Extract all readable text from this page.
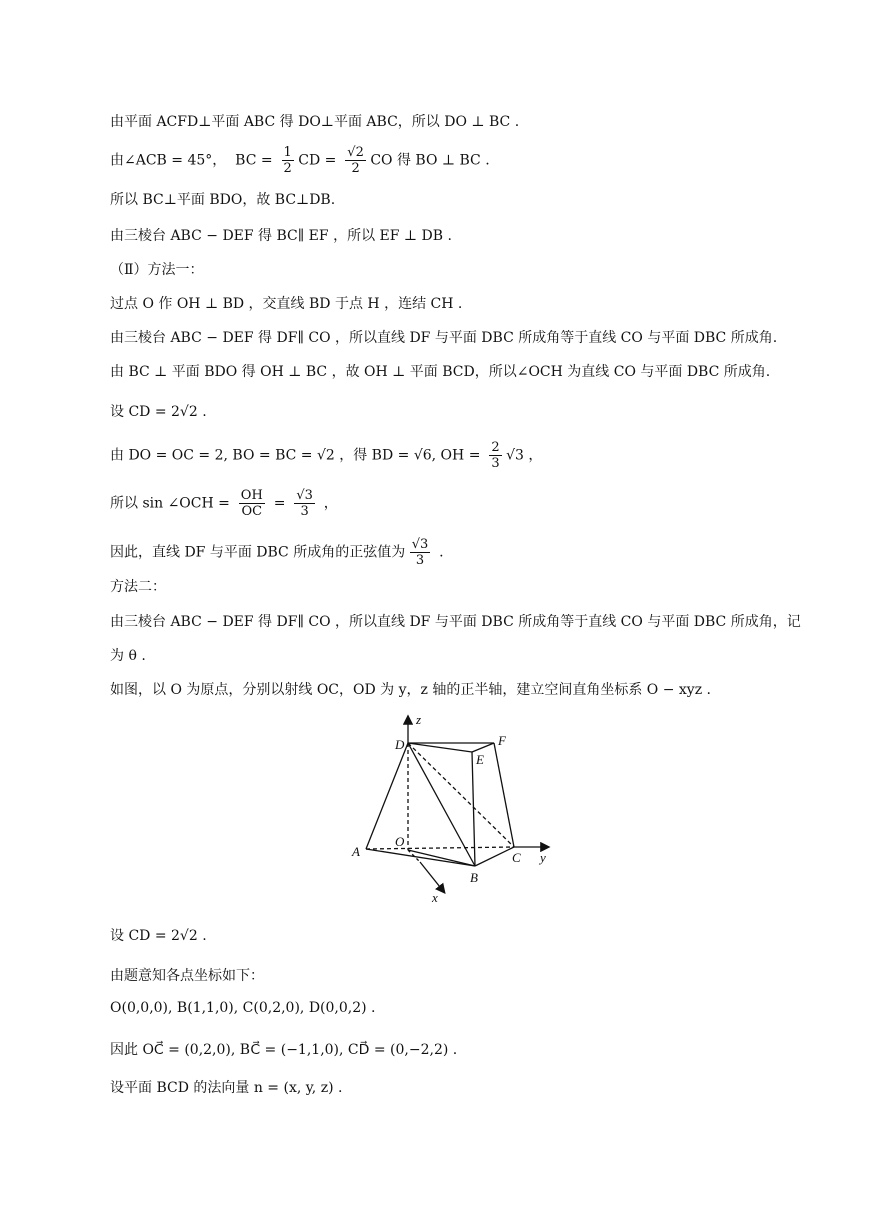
由平面 ACFD⊥平面 ABC 得 DO⊥平面 ABC，所以 DO ⊥ BC .
由∠ACB = 45°，  BC = $\frac{1}{2}$ CD = $\frac{√2}{2}$ CO 得 BO ⊥ BC .
所以 BC⊥平面 BDO，故 BC⊥DB.
由三棱台 ABC − DEF 得 BC∥ EF ，所以 EF ⊥ DB .
（Ⅱ）方法一：
过点 O 作 OH ⊥ BD ，交直线 BD 于点 H ，连结 CH .
由三棱台 ABC − DEF 得 DF∥ CO ，所以直线 DF 与平面 DBC 所成角等于直线 CO 与平面 DBC 所成角.
由 BC ⊥ 平面 BDO 得 OH ⊥ BC ，故 OH ⊥ 平面 BCD，所以∠OCH 为直线 CO 与平面 DBC 所成角.
设 CD = 2√2 .
由 DO = OC = 2, BO = BC = √2 ，得 BD = √6, OH = $\frac{2}{3} √3$ ，
所以 sin ∠OCH = $\frac{OH}{OC} = \frac{√3}{3}$ ，
因此，直线 DF 与平面 DBC 所成角的正弦值为 $\frac{√3}{3}$ .
方法二：
由三棱台 ABC − DEF 得 DF∥ CO ，所以直线 DF 与平面 DBC 所成角等于直线 CO 与平面 DBC 所成角，记
为 θ .
如图，以 O 为原点，分别以射线 OC，OD 为 y，z 轴的正半轴，建立空间直角坐标系 O − xyz .
设 CD = 2√2 .
由题意知各点坐标如下：
O(0,0,0), B(1,1,0), C(0,2,0), D(0,0,2) .
因此 OC⃗ = (0,2,0), BC⃗ = (−1,1,0), CD⃗ = (0,−2,2) .
设平面 BCD 的法向量 n = (x, y, z) .
z
D	F
E
O
A
B
C y
x
